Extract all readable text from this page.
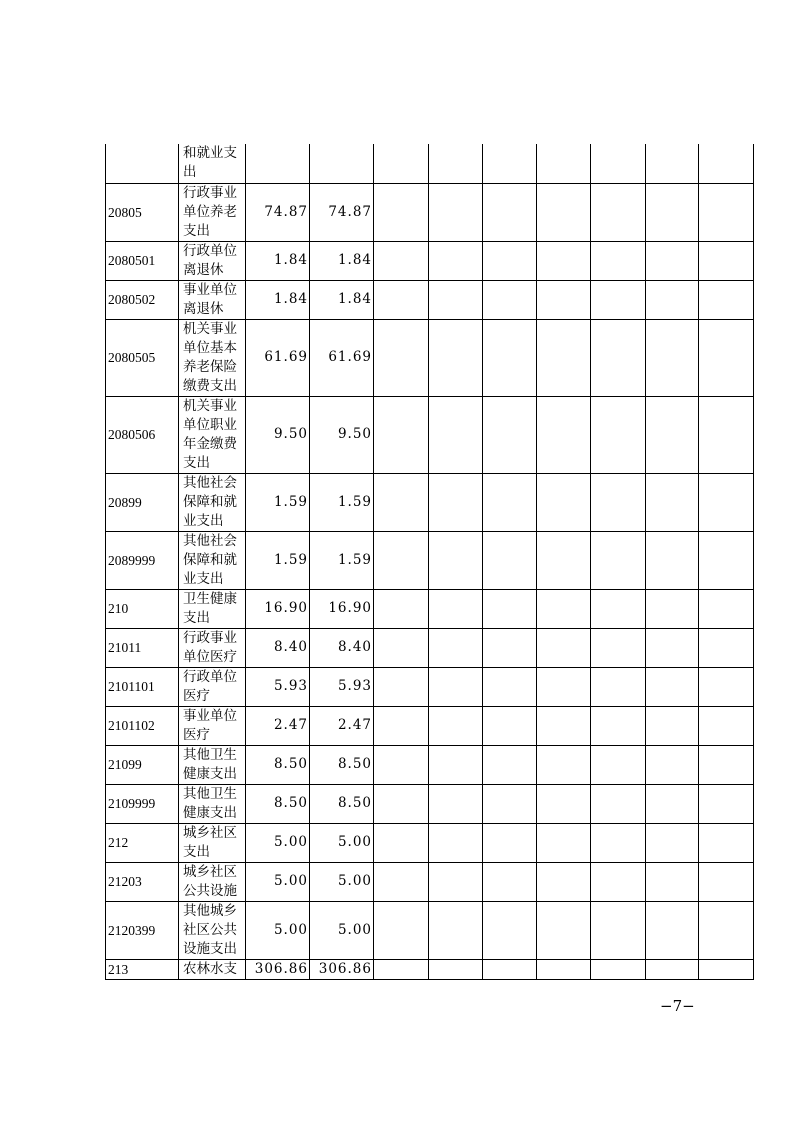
	和就业支
出									

20805	行政事业
单位养老
支出	74.87	74.87							
2080501	行政单位
离退休	1.84	1.84							
2080502	事业单位
离退休	1.84	1.84							
2080505	机关事业
单位基本
养老保险
缴费支出	61.69	61.69							
2080506	机关事业
单位职业
年金缴费
支出	9.50	9.50							
20899	其他社会
保障和就
业支出	1.59	1.59							
2089999	其他社会
保障和就
业支出	1.59	1.59							
210	卫生健康
支出	16.90	16.90							
21011	行政事业
单位医疗	8.40	8.40							
2101101	行政单位
医疗	5.93	5.93							
2101102	事业单位
医疗	2.47	2.47							
21099	其他卫生
健康支出	8.50	8.50							
2109999	其他卫生
健康支出	8.50	8.50							
212	城乡社区
支出	5.00	5.00							
21203	城乡社区
公共设施	5.00	5.00							
2120399	其他城乡
社区公共
设施支出	5.00	5.00							
213	农林水支	306.86	306.86							
−7−
